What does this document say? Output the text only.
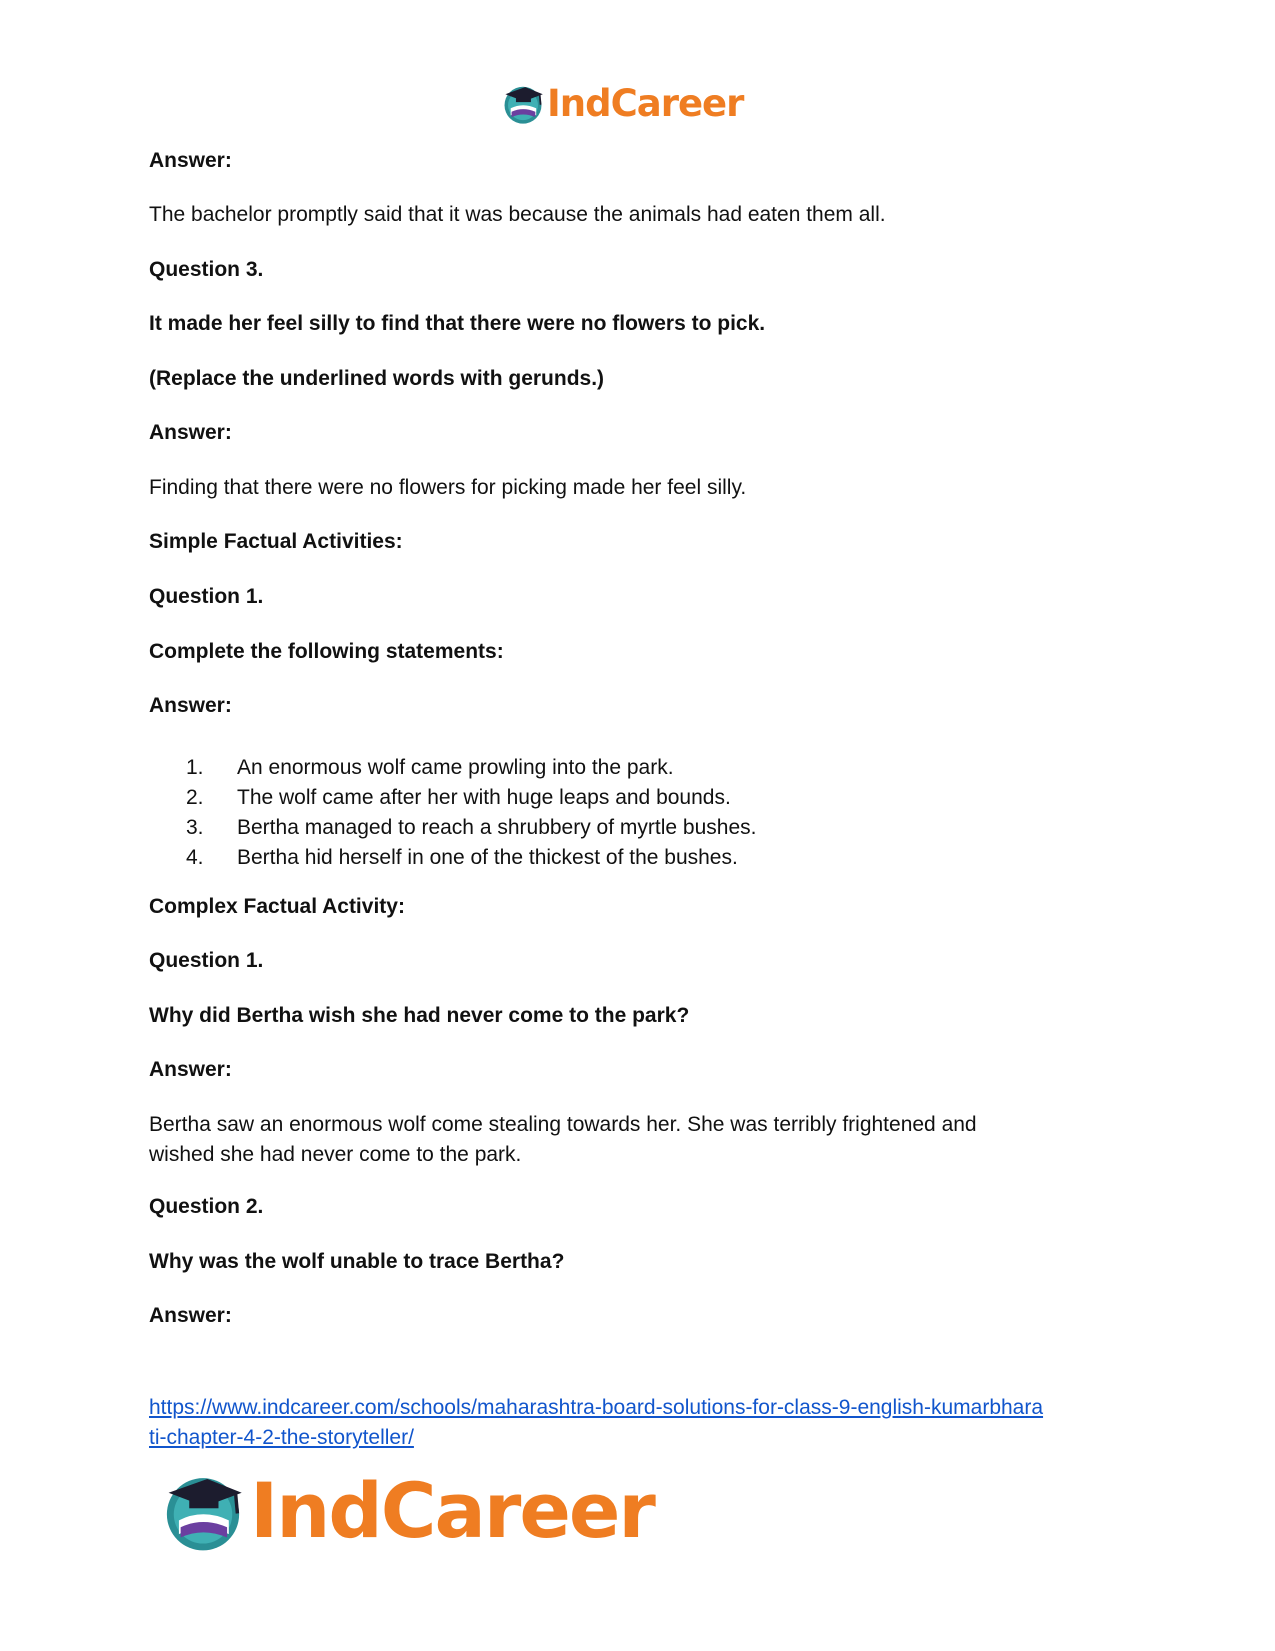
IndCareer

Answer:

The bachelor promptly said that it was because the animals had eaten them all.

Question 3.

It made her feel silly to find that there were no flowers to pick.

(Replace the underlined words with gerunds.)

Answer:

Finding that there were no flowers for picking made her feel silly.

Simple Factual Activities:

Question 1.

Complete the following statements:

Answer:

1.	An enormous wolf came prowling into the park.
2.	The wolf came after her with huge leaps and bounds.
3.	Bertha managed to reach a shrubbery of myrtle bushes.
4.	Bertha hid herself in one of the thickest of the bushes.

Complex Factual Activity:

Question 1.

Why did Bertha wish she had never come to the park?

Answer:

Bertha saw an enormous wolf come stealing towards her. She was terribly frightened and

wished she had never come to the park.

Question 2.

Why was the wolf unable to trace Bertha?

Answer:

https://www.indcareer.com/schools/maharashtra-board-solutions-for-class-9-english-kumarbhara
ti-chapter-4-2-the-storyteller/
IndCareer
